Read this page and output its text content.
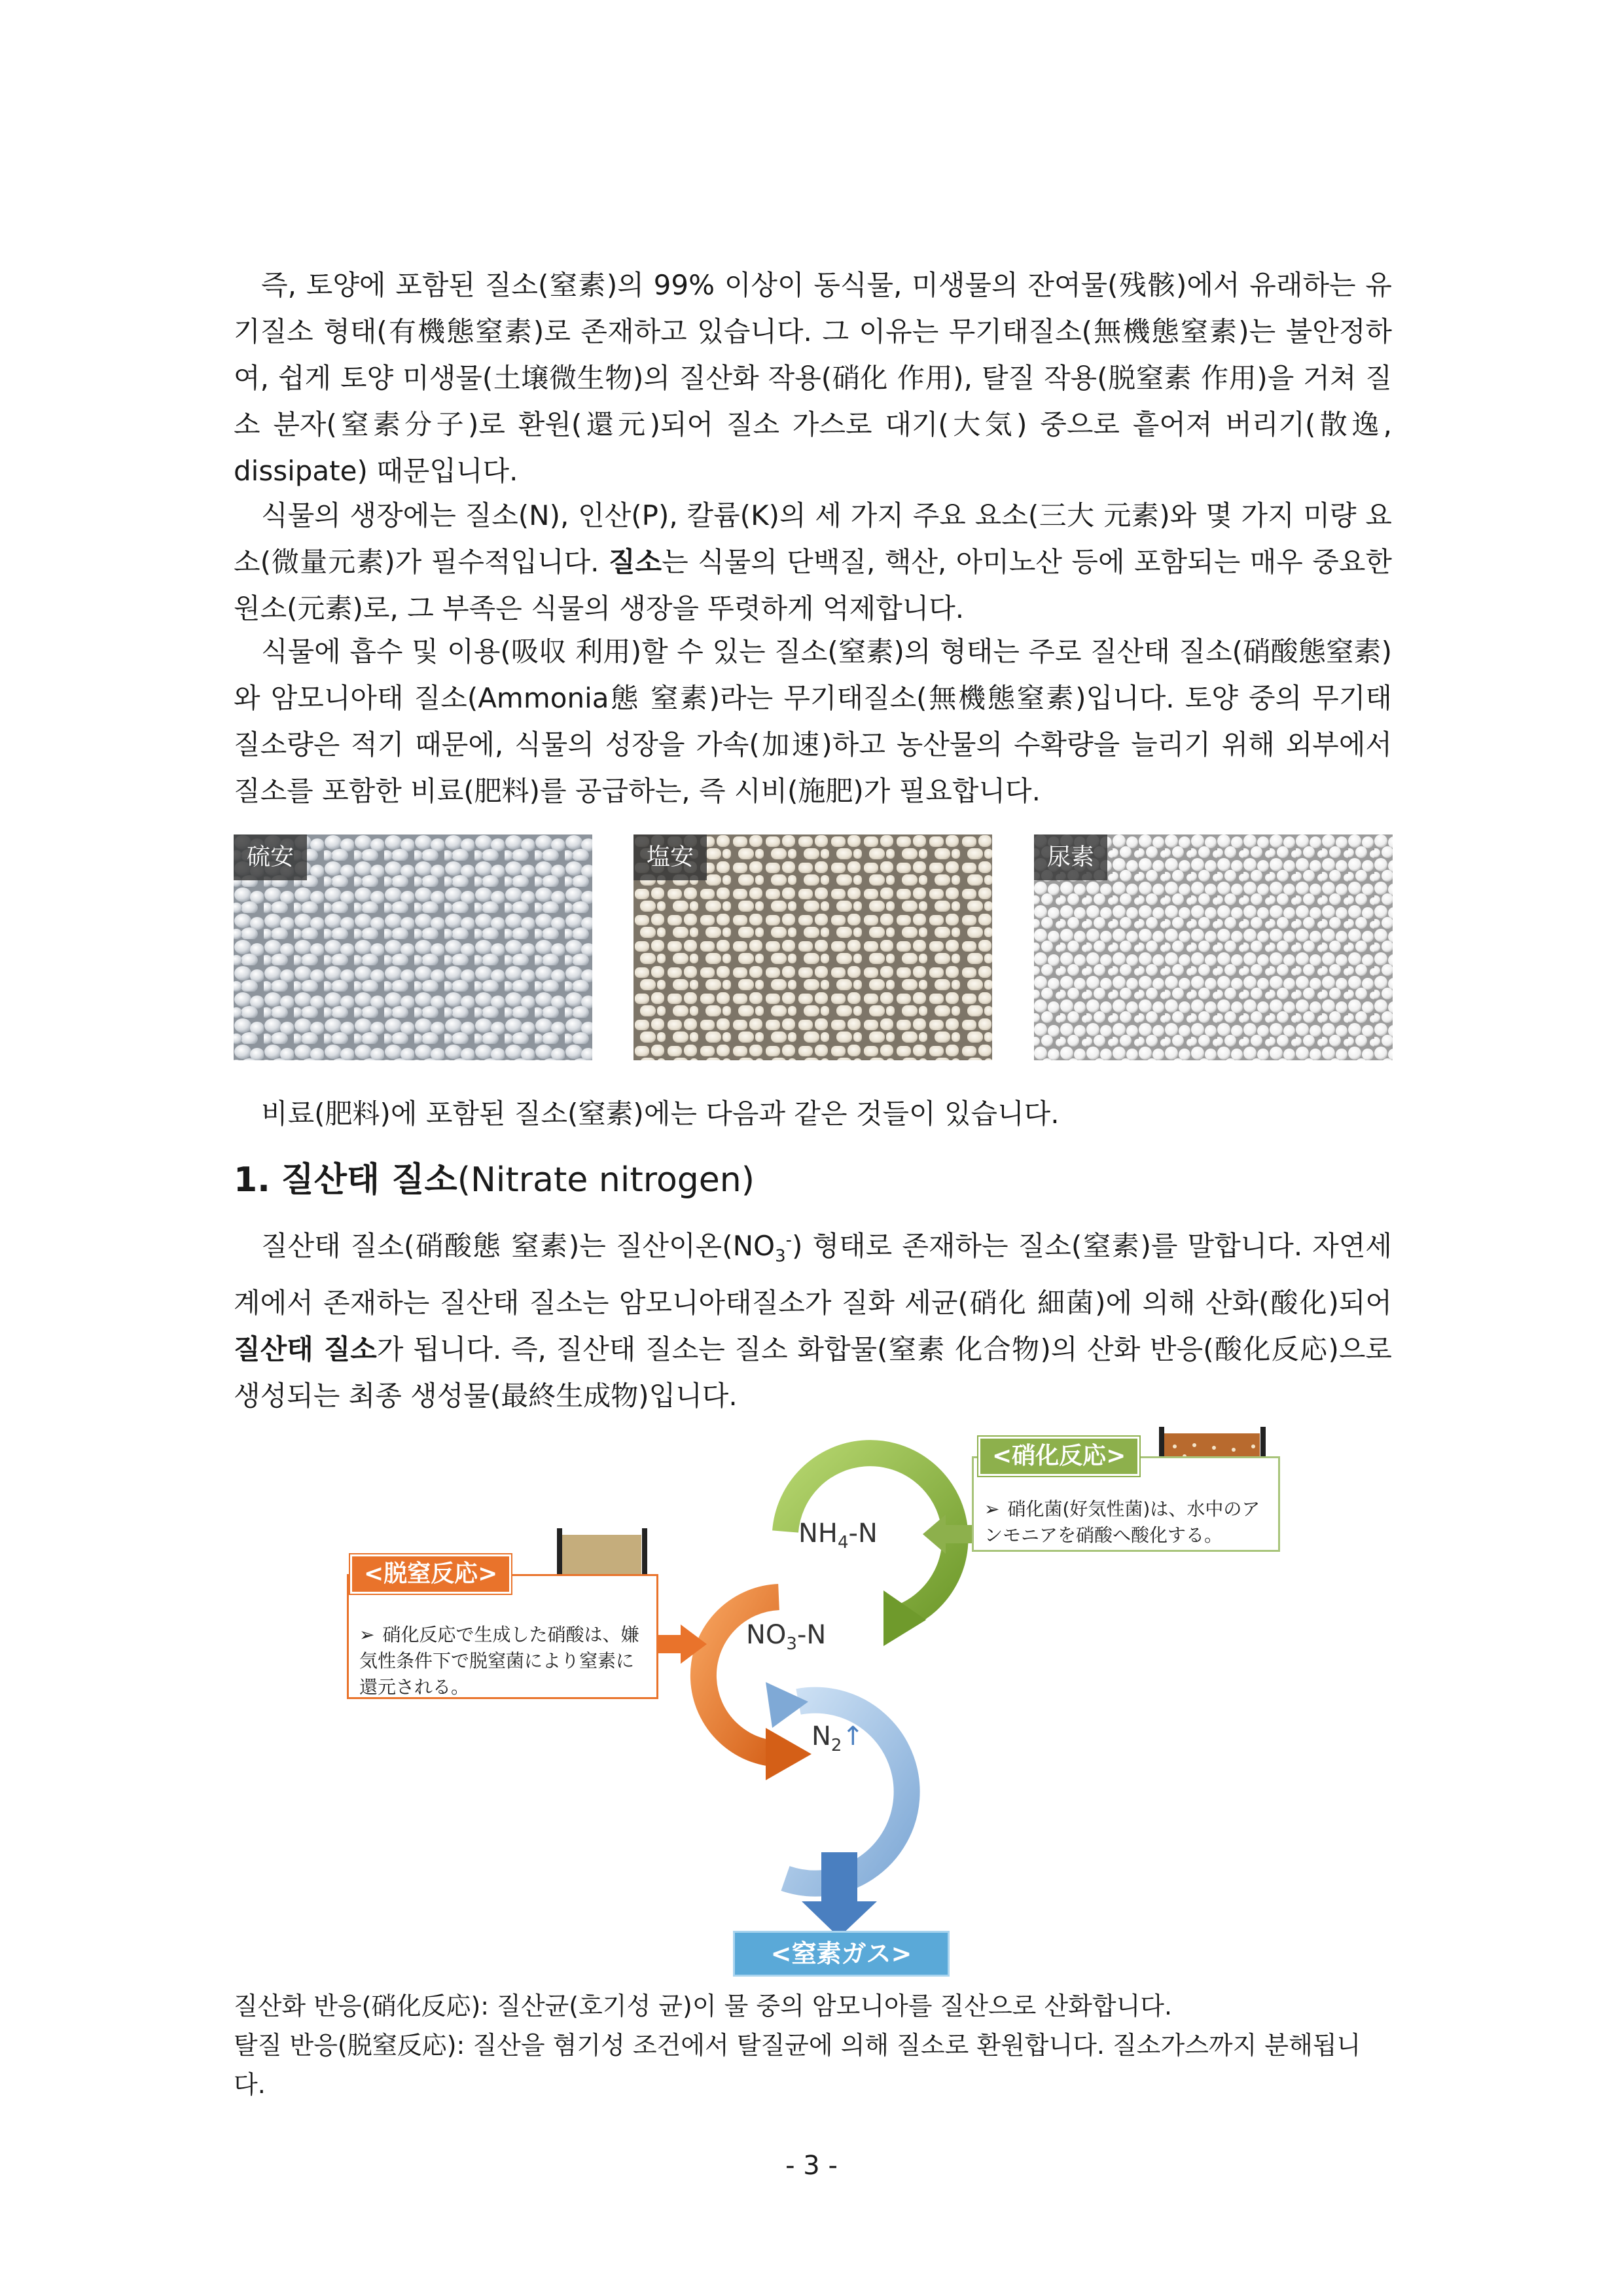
즉, 토양에 포함된 질소(窒素)의 99% 이상이 동식물, 미생물의 잔여물(残骸)에서 유래하는 유기질소 형태(有機態窒素)로 존재하고 있습니다. 그 이유는 무기태질소(無機態窒素)는 불안정하여, 쉽게 토양 미생물(土壌微生物)의 질산화 작용(硝化 作用), 탈질 작용(脱窒素 作用)을 거쳐 질소 분자(窒素分子)로 환원(還元)되어 질소 가스로 대기(大気) 중으로 흩어져 버리기(散逸, dissipate) 때문입니다.

식물의 생장에는 질소(N), 인산(P), 칼륨(K)의 세 가지 주요 요소(三大 元素)와 몇 가지 미량 요소(微量元素)가 필수적입니다. 질소는 식물의 단백질, 핵산, 아미노산 등에 포함되는 매우 중요한 원소(元素)로, 그 부족은 식물의 생장을 뚜렷하게 억제합니다.

식물에 흡수 및 이용(吸収 利用)할 수 있는 질소(窒素)의 형태는 주로 질산태 질소(硝酸態窒素)와 암모니아태 질소(Ammonia態 窒素)라는 무기태질소(無機態窒素)입니다. 토양 중의 무기태 질소량은 적기 때문에, 식물의 성장을 가속(加速)하고 농산물의 수확량을 늘리기 위해 외부에서 질소를 포함한 비료(肥料)를 공급하는, 즉 시비(施肥)가 필요합니다.

硫安	塩安	尿素

비료(肥料)에 포함된 질소(窒素)에는 다음과 같은 것들이 있습니다.

1. 질산태 질소(Nitrate nitrogen)

질산태 질소(硝酸態 窒素)는 질산이온$(NO_3^-)$ 형태로 존재하는 질소(窒素)를 말합니다. 자연세계에서 존재하는 질산태 질소는 암모니아태질소가 질화 세균(硝化 細菌)에 의해 산화(酸化)되어 질산태 질소가 됩니다. 즉, 질산태 질소는 질소 화합물(窒素 化合物)의 산화 반응(酸化反応)으로 생성되는 최종 생성물(最終生成物)입니다.

$NH_4-N$
$NO_3-N$
$N_2↑$
➢ 硝化反応で生成した硝酸は、嫌気性条件下で脱窒菌により窒素に還元される。
<脱窒反応>
➢ 硝化菌(好気性菌)は、水中のアンモニアを硝酸へ酸化する。
<硝化反応>
<窒素ガス>

질산화 반응(硝化反応): 질산균(호기성 균)이 물 중의 암모니아를 질산으로 산화합니다.

탈질 반응(脱窒反応): 질산을 혐기성 조건에서 탈질균에 의해 질소로 환원합니다. 질소가스까지 분해됩니다.

- 3 -
